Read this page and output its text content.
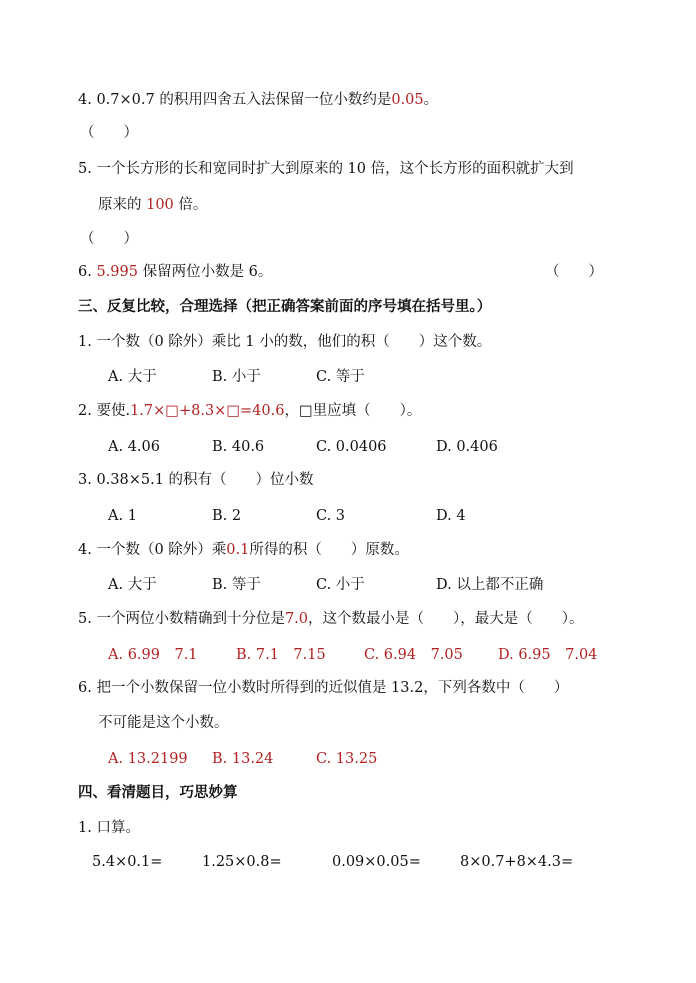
4. 0.7×0.7 的积用四舍五入法保留一位小数约是0.05。
（　　）
5. 一个长方形的长和宽同时扩大到原来的 10 倍，这个长方形的面积就扩大到
原来的 100 倍。
（　　）
6. 5.995 保留两位小数是 6。	（　　）
三、反复比较，合理选择（把正确答案前面的序号填在括号里。）
1. 一个数（0 除外）乘比 1 小的数，他们的积（　　）这个数。
A. 大于	B. 小于	C. 等于
2. 要使.1.7×□+8.3×□=40.6，□里应填（　　）。
A. 4.06	B. 40.6	C. 0.0406	D. 0.406
3. 0.38×5.1 的积有（　　）位小数
A. 1	B. 2	C. 3	D. 4
4. 一个数（0 除外）乘0.1所得的积（　　）原数。
A. 大于	B. 等于	C. 小于	D. 以上都不正确
5. 一个两位小数精确到十分位是7.0，这个数最小是（　　），最大是（　　）。
A. 6.99　7.1	B. 7.1　7.15	C. 6.94　7.05 D. 6.95　7.04
6. 把一个小数保留一位小数时所得到的近似值是 13.2，下列各数中（　　）
不可能是这个小数。
A. 13.2199 B. 13.24	C. 13.25
四、看清题目，巧思妙算
1. 口算。
5.4×0.1=	1.25×0.8=	0.09×0.05=	8×0.7+8×4.3=
